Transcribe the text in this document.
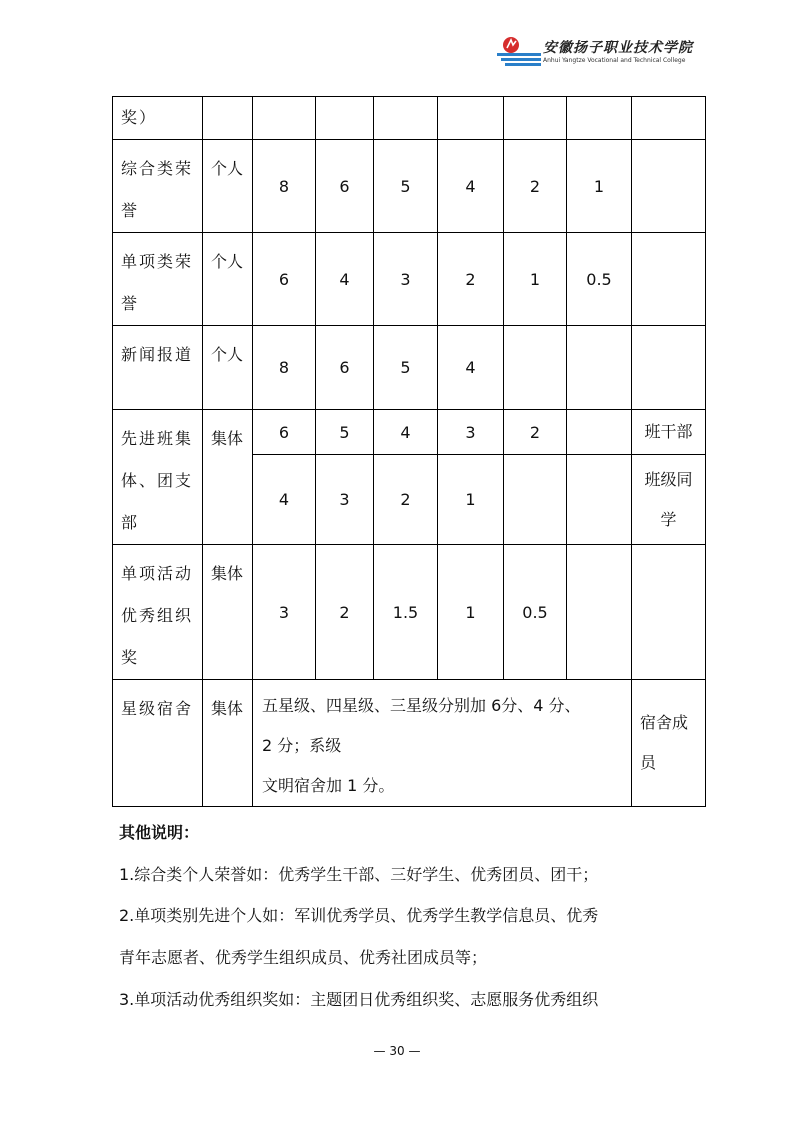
安徽扬子职业技术学院
Anhui Yangtze Vocational and Technical College
奖）								
综合类荣誉	个人	8	6	5	4	2	1	
单项类荣誉	个人	6	4	3	2	1	0.5	
新闻报道	个人	8	6	5	4			
先进班集体、团支部	集体	6	5	4	3	2		班干部
		4	3	2	1			班级同学
单项活动优秀组织奖	集体	3	2	1.5	1	0.5		
星级宿舍	集体	五星级、四星级、三星级分别加 6分、4 分、
2 分；系级
文明宿舍加 1 分。						宿舍成员
其他说明：
1.综合类个人荣誉如：优秀学生干部、三好学生、优秀团员、团干；
2.单项类别先进个人如：军训优秀学员、优秀学生教学信息员、优秀
青年志愿者、优秀学生组织成员、优秀社团成员等；
3.单项活动优秀组织奖如：主题团日优秀组织奖、志愿服务优秀组织
— 30 —
